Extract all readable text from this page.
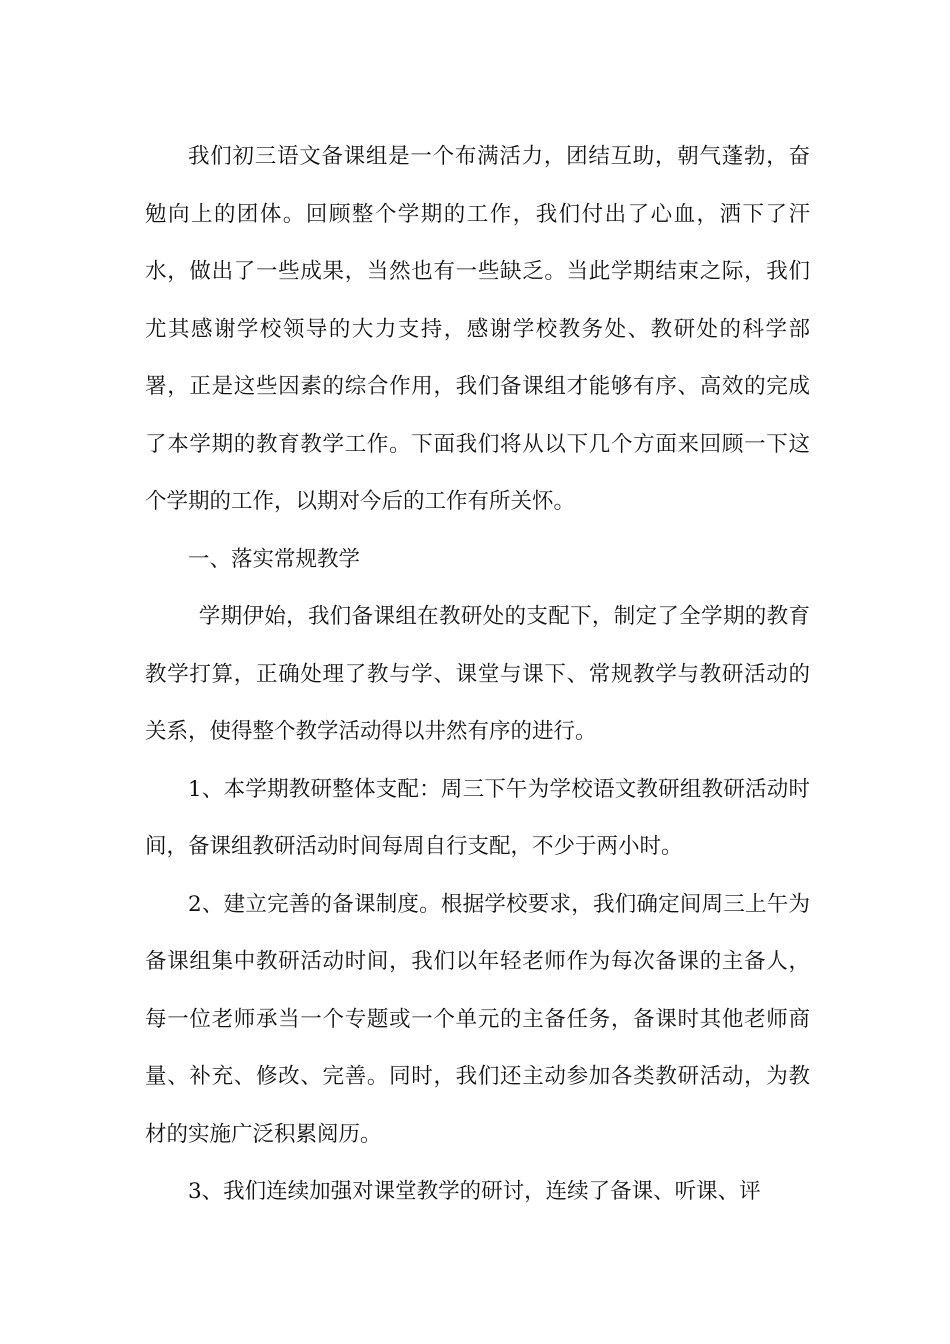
我们初三语文备课组是一个布满活力，团结互助，朝气蓬勃，奋勉向上的团体。回顾整个学期的工作，我们付出了心血，洒下了汗水，做出了一些成果，当然也有一些缺乏。当此学期结束之际，我们尤其感谢学校领导的大力支持，感谢学校教务处、教研处的科学部署，正是这些因素的综合作用，我们备课组才能够有序、高效的完成了本学期的教育教学工作。下面我们将从以下几个方面来回顾一下这个学期的工作，以期对今后的工作有所关怀。

一、落实常规教学

学期伊始，我们备课组在教研处的支配下，制定了全学期的教育教学打算，正确处理了教与学、课堂与课下、常规教学与教研活动的关系，使得整个教学活动得以井然有序的进行。

1、本学期教研整体支配：周三下午为学校语文教研组教研活动时间，备课组教研活动时间每周自行支配，不少于两小时。

2、建立完善的备课制度。根据学校要求，我们确定间周三上午为备课组集中教研活动时间，我们以年轻老师作为每次备课的主备人，每一位老师承当一个专题或一个单元的主备任务，备课时其他老师商量、补充、修改、完善。同时，我们还主动参加各类教研活动，为教材的实施广泛积累阅历。

3、我们连续加强对课堂教学的研讨，连续了备课、听课、评
